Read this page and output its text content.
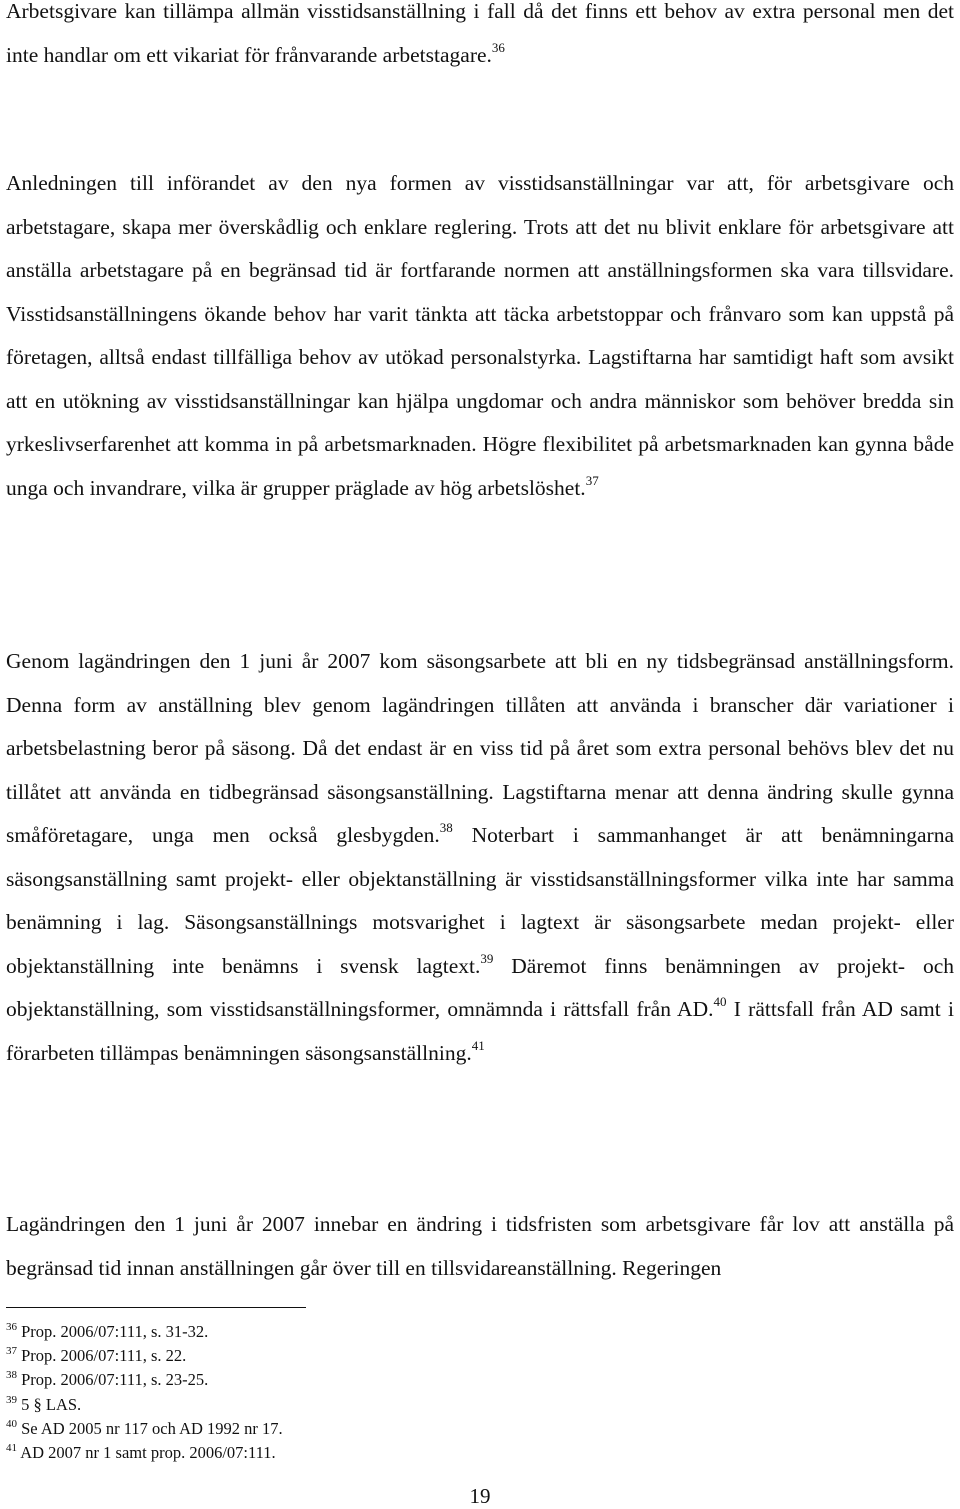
Arbetsgivare kan tillämpa allmän visstidsanställning i fall då det finns ett behov av extra personal men det inte handlar om ett vikariat för frånvarande arbetstagare.$^{36}$

Anledningen till införandet av den nya formen av visstidsanställningar var att, för arbetsgivare och arbetstagare, skapa mer överskådlig och enklare reglering. Trots att det nu blivit enklare för arbetsgivare att anställa arbetstagare på en begränsad tid är fortfarande normen att anställningsformen ska vara tillsvidare. Visstidsanställningens ökande behov har varit tänkta att täcka arbetstoppar och frånvaro som kan uppstå på företagen, alltså endast tillfälliga behov av utökad personalstyrka. Lagstiftarna har samtidigt haft som avsikt att en utökning av visstidsanställningar kan hjälpa ungdomar och andra människor som behöver bredda sin yrkeslivserfarenhet att komma in på arbetsmarknaden. Högre flexibilitet på arbetsmarknaden kan gynna både unga och invandrare, vilka är grupper präglade av hög arbetslöshet.$^{37}$

Genom lagändringen den 1 juni år 2007 kom säsongsarbete att bli en ny tidsbegränsad anställningsform. Denna form av anställning blev genom lagändringen tillåten att använda i branscher där variationer i arbetsbelastning beror på säsong. Då det endast är en viss tid på året som extra personal behövs blev det nu tillåtet att använda en tidbegränsad säsongsanställning. Lagstiftarna menar att denna ändring skulle gynna småföretagare, unga men också glesbygden.$^{38}$ Noterbart i sammanhanget är att benämningarna säsongsanställning samt projekt- eller objektanställning är visstidsanställningsformer vilka inte har samma benämning i lag. Säsongsanställnings motsvarighet i lagtext är säsongsarbete medan projekt- eller objektanställning inte benämns i svensk lagtext.$^{39}$ Däremot finns benämningen av projekt- och objektanställning, som visstidsanställningsformer, omnämnda i rättsfall från AD.$^{40}$ I rättsfall från AD samt i förarbeten tillämpas benämningen säsongsanställning.$^{41}$

Lagändringen den 1 juni år 2007 innebar en ändring i tidsfristen som arbetsgivare får lov att anställa på begränsad tid innan anställningen går över till en tillsvidareanställning. Regeringen

$^{36}$ Prop. 2006/07:111, s. 31-32.
$^{37}$ Prop. 2006/07:111, s. 22.
$^{38}$ Prop. 2006/07:111, s. 23-25.
$^{39}$ 5 § LAS.
$^{40}$ Se AD 2005 nr 117 och AD 1992 nr 17.
$^{41}$ AD 2007 nr 1 samt prop. 2006/07:111.
19
